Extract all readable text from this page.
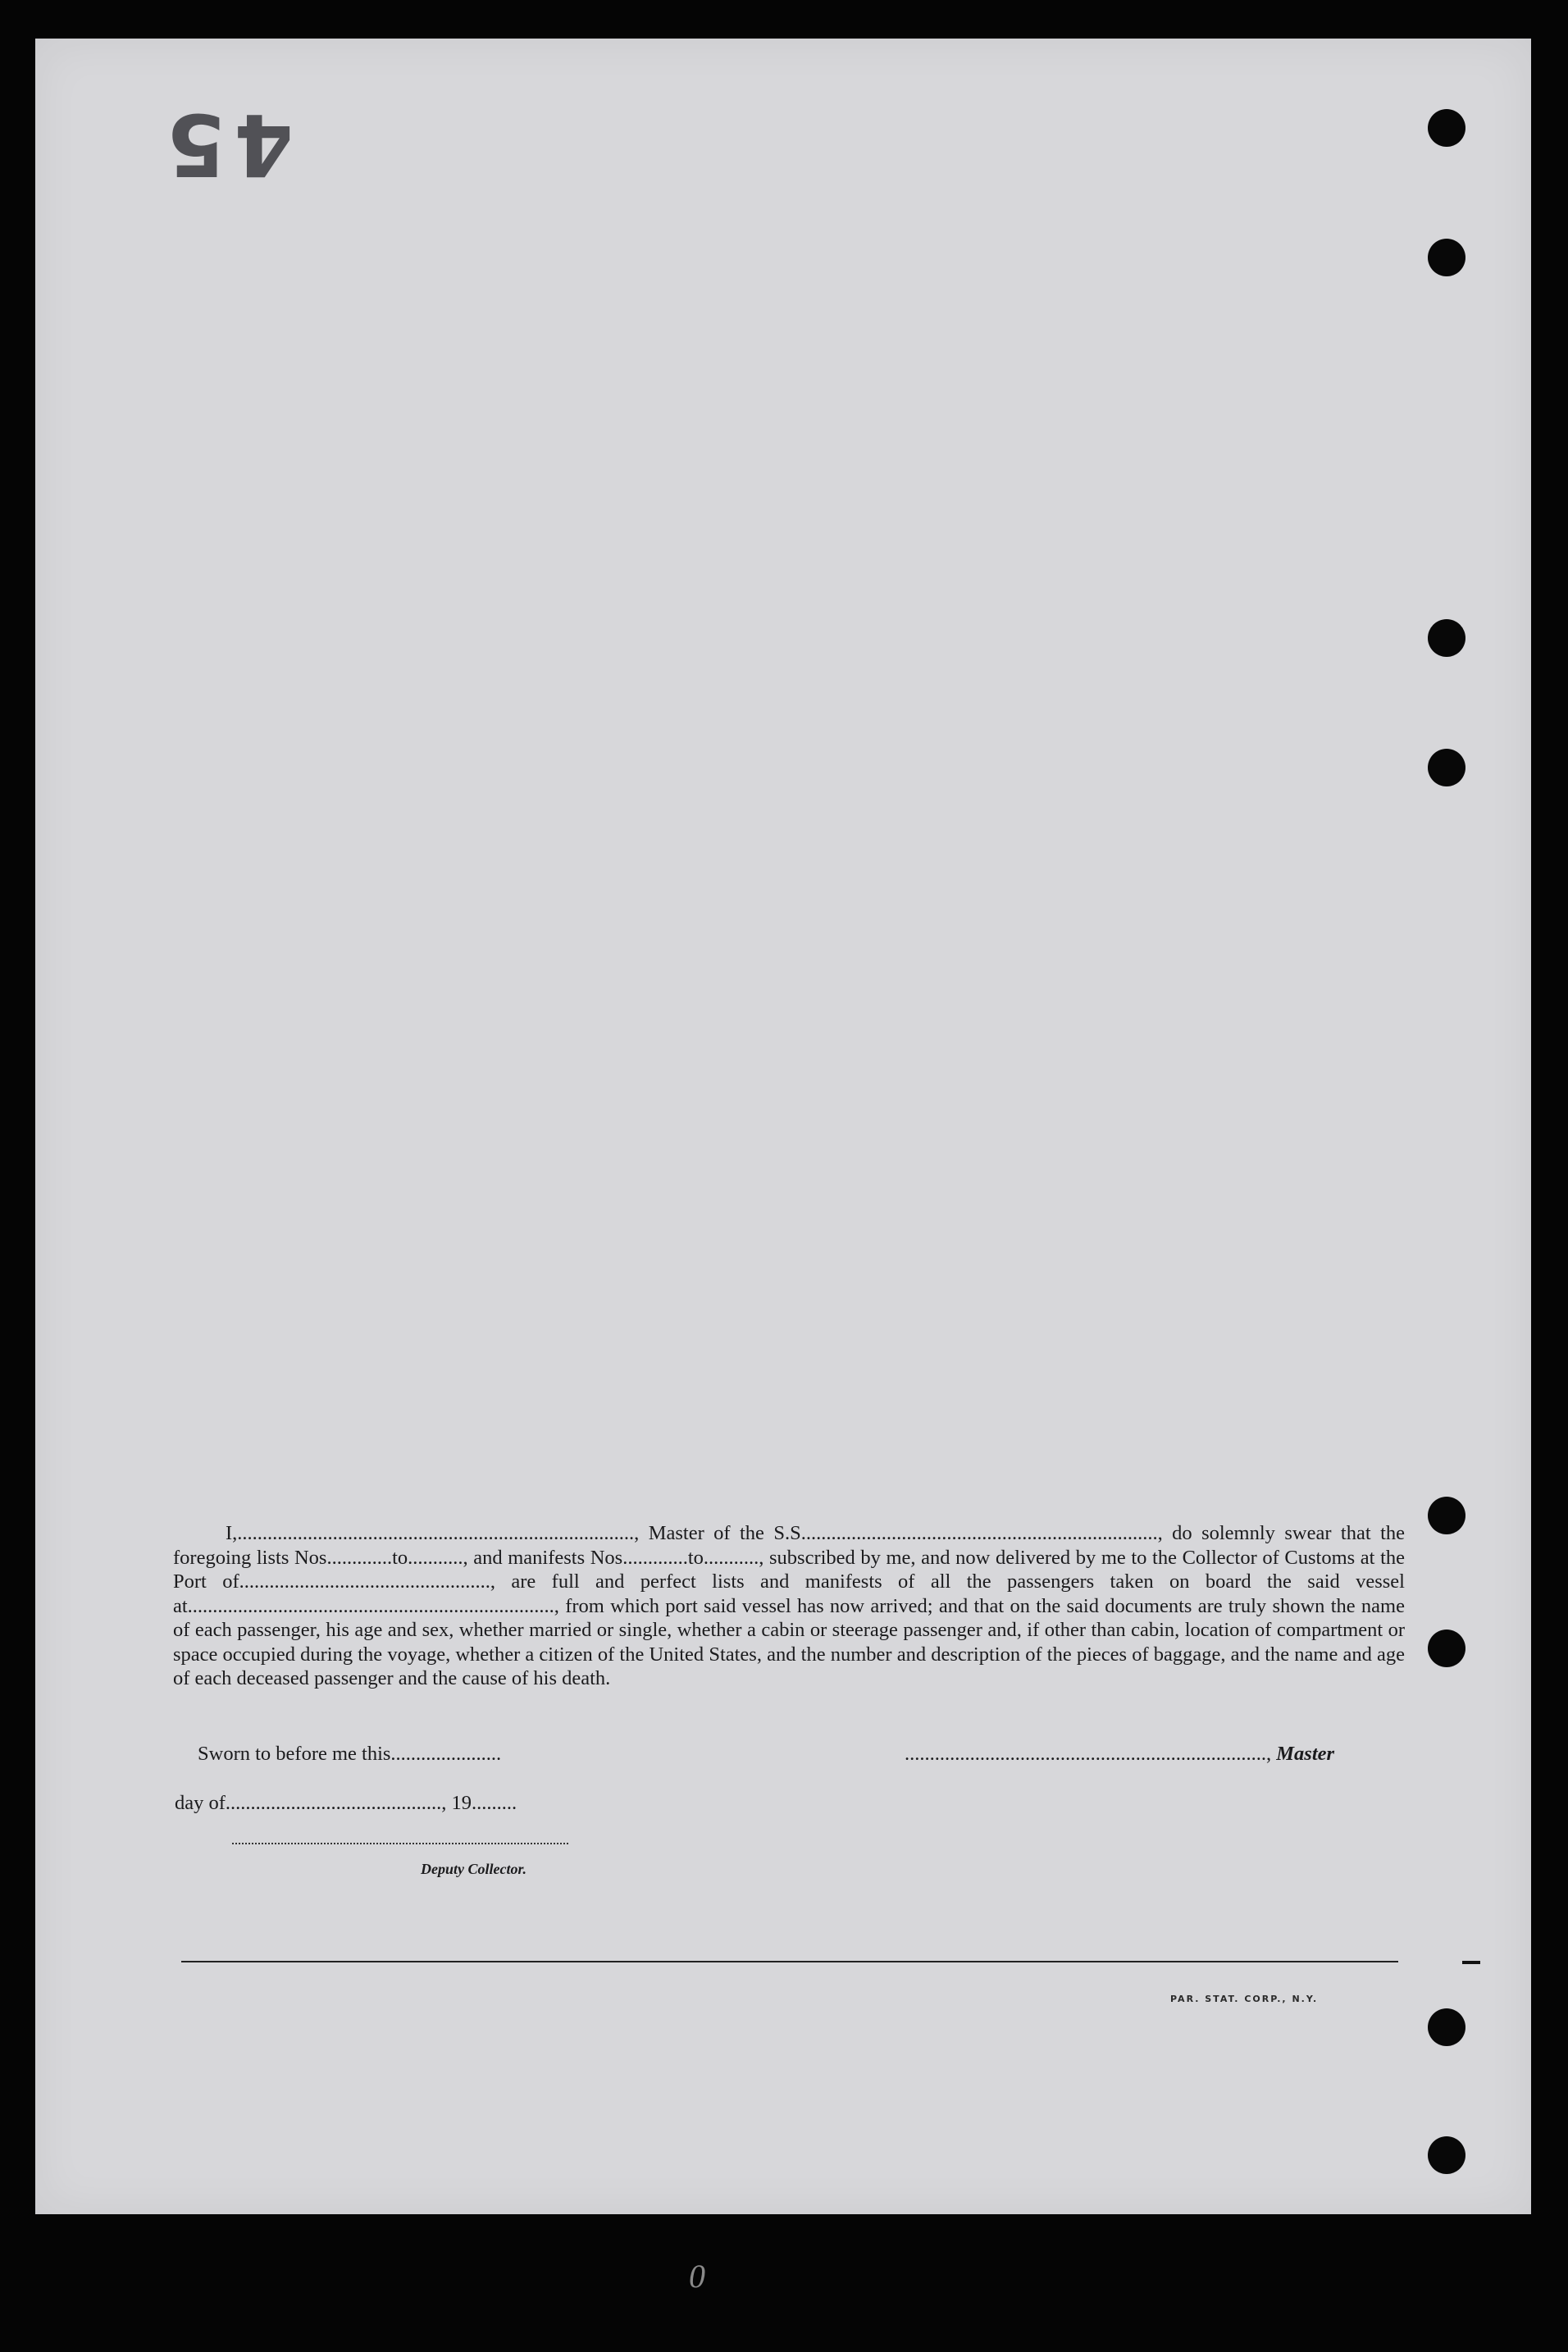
45
I,..............................................................................., Master of the S.S......................................................................., do solemnly swear that the foregoing lists Nos.............to..........., and manifests Nos.............to..........., subscribed by me, and now delivered by me to the Collector of Customs at the Port of.................................................., are full and perfect lists and manifests of all the passengers taken on board the said vessel at........................................................................., from which port said vessel has now arrived; and that on the said documents are truly shown the name of each passenger, his age and sex, whether married or single, whether a cabin or steerage passenger and, if other than cabin, location of compartment or space occupied during the voyage, whether a citizen of the United States, and the number and description of the pieces of baggage, and the name and age of each deceased passenger and the cause of his death.
Sworn to before me this......................	........................................................................, Master
day of..........................................., 19.........
Deputy Collector.
PAR. STAT. CORP., N.Y.
0
